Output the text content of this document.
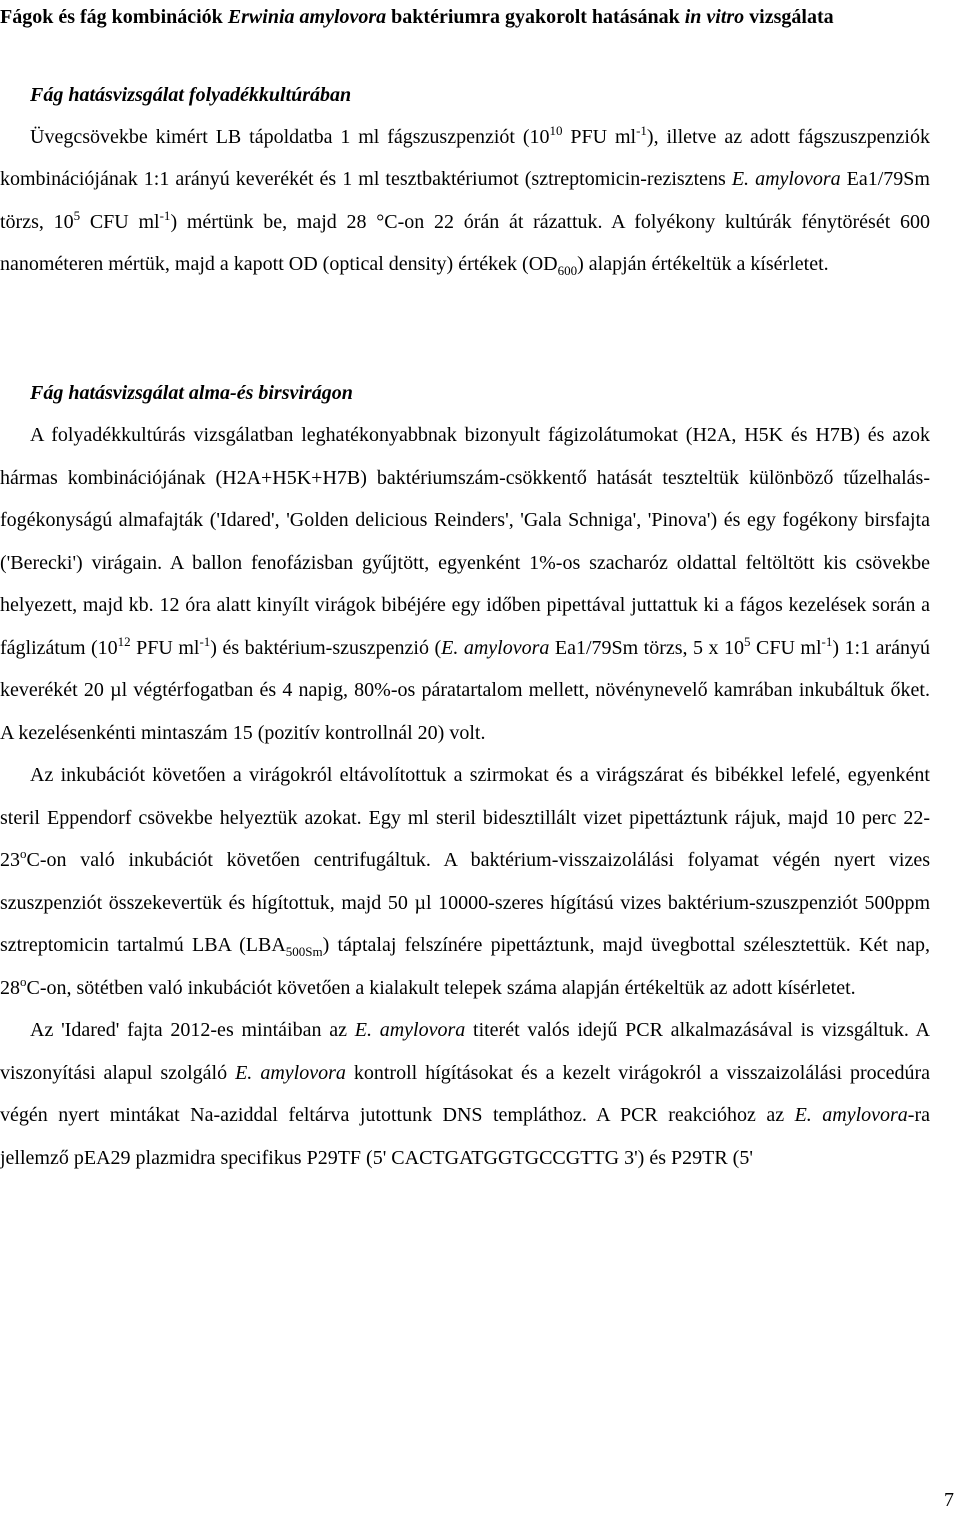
Fágok és fág kombinációk Erwinia amylovora baktériumra gyakorolt hatásának in vitro vizsgálata
Fág hatásvizsgálat folyadékkultúrában

Üvegcsövekbe kimért LB tápoldatba 1 ml fágszuszpenziót ($10^{10}$ PFU $ml^{-1}$), illetve az adott fágszuszpenziók kombinációjának 1:1 arányú keverékét és 1 ml tesztbaktériumot (sztreptomicin-rezisztens E. amylovora Ea1/79Sm törzs, $10^5$ CFU $ml^{-1}$) mértünk be, majd 28 °C-on 22 órán át rázattuk. A folyékony kultúrák fénytörését 600 nanométeren mértük, majd a kapott OD (optical density) értékek $(OD_{600})$ alapján értékeltük a kísérletet.

Fág hatásvizsgálat alma-és birsvirágon

A folyadékkultúrás vizsgálatban leghatékonyabbnak bizonyult fágizolátumokat (H2A, H5K és H7B) és azok hármas kombinációjának (H2A+H5K+H7B) baktériumszám-csökkentő hatását teszteltük különböző tűzelhalás-fogékonyságú almafajták ('Idared', 'Golden delicious Reinders', 'Gala Schniga', 'Pinova') és egy fogékony birsfajta ('Berecki') virágain. A ballon fenofázisban gyűjtött, egyenként 1%-os szacharóz oldattal feltöltött kis csövekbe helyezett, majd kb. 12 óra alatt kinyílt virágok bibéjére egy időben pipettával juttattuk ki a fágos kezelések során a fáglizátum ($10^{12}$ PFU $ml^{-1}$) és baktérium-szuszpenzió (E. amylovora Ea1/79Sm törzs, 5 x $10^5$ CFU $ml^{-1}$) 1:1 arányú keverékét 20 µl végtérfogatban és 4 napig, 80%-os páratartalom mellett, növénynevelő kamrában inkubáltuk őket. A kezelésenkénti mintaszám 15 (pozitív kontrollnál 20) volt.

Az inkubációt követően a virágokról eltávolítottuk a szirmokat és a virágszárat és bibékkel lefelé, egyenként steril Eppendorf csövekbe helyeztük azokat. Egy ml steril bidesztillált vizet pipettáztunk rájuk, majd 10 perc 22-23$^o$C-on való inkubációt követően centrifugáltuk. A baktérium-visszaizolálási folyamat végén nyert vizes szuszpenziót összekevertük és hígítottuk, majd 50 µl 10000-szeres hígítású vizes baktérium-szuszpenziót 500ppm sztreptomicin tartalmú LBA $(LBA_{500Sm})$ táptalaj felszínére pipettáztunk, majd üvegbottal szélesztettük. Két nap, 28$^o$C-on, sötétben való inkubációt követően a kialakult telepek száma alapján értékeltük az adott kísérletet.

Az 'Idared' fajta 2012-es mintáiban az E. amylovora titerét valós idejű PCR alkalmazásával is vizsgáltuk. A viszonyítási alapul szolgáló E. amylovora kontroll hígításokat és a kezelt virágokról a visszaizolálási procedúra végén nyert mintákat Na-aziddal feltárva jutottunk DNS templáthoz. A PCR reakcióhoz az E. amylovora-ra jellemző pEA29 plazmidra specifikus P29TF (5' CACTGATGGTGCCGTTG 3') és P29TR (5'

7
